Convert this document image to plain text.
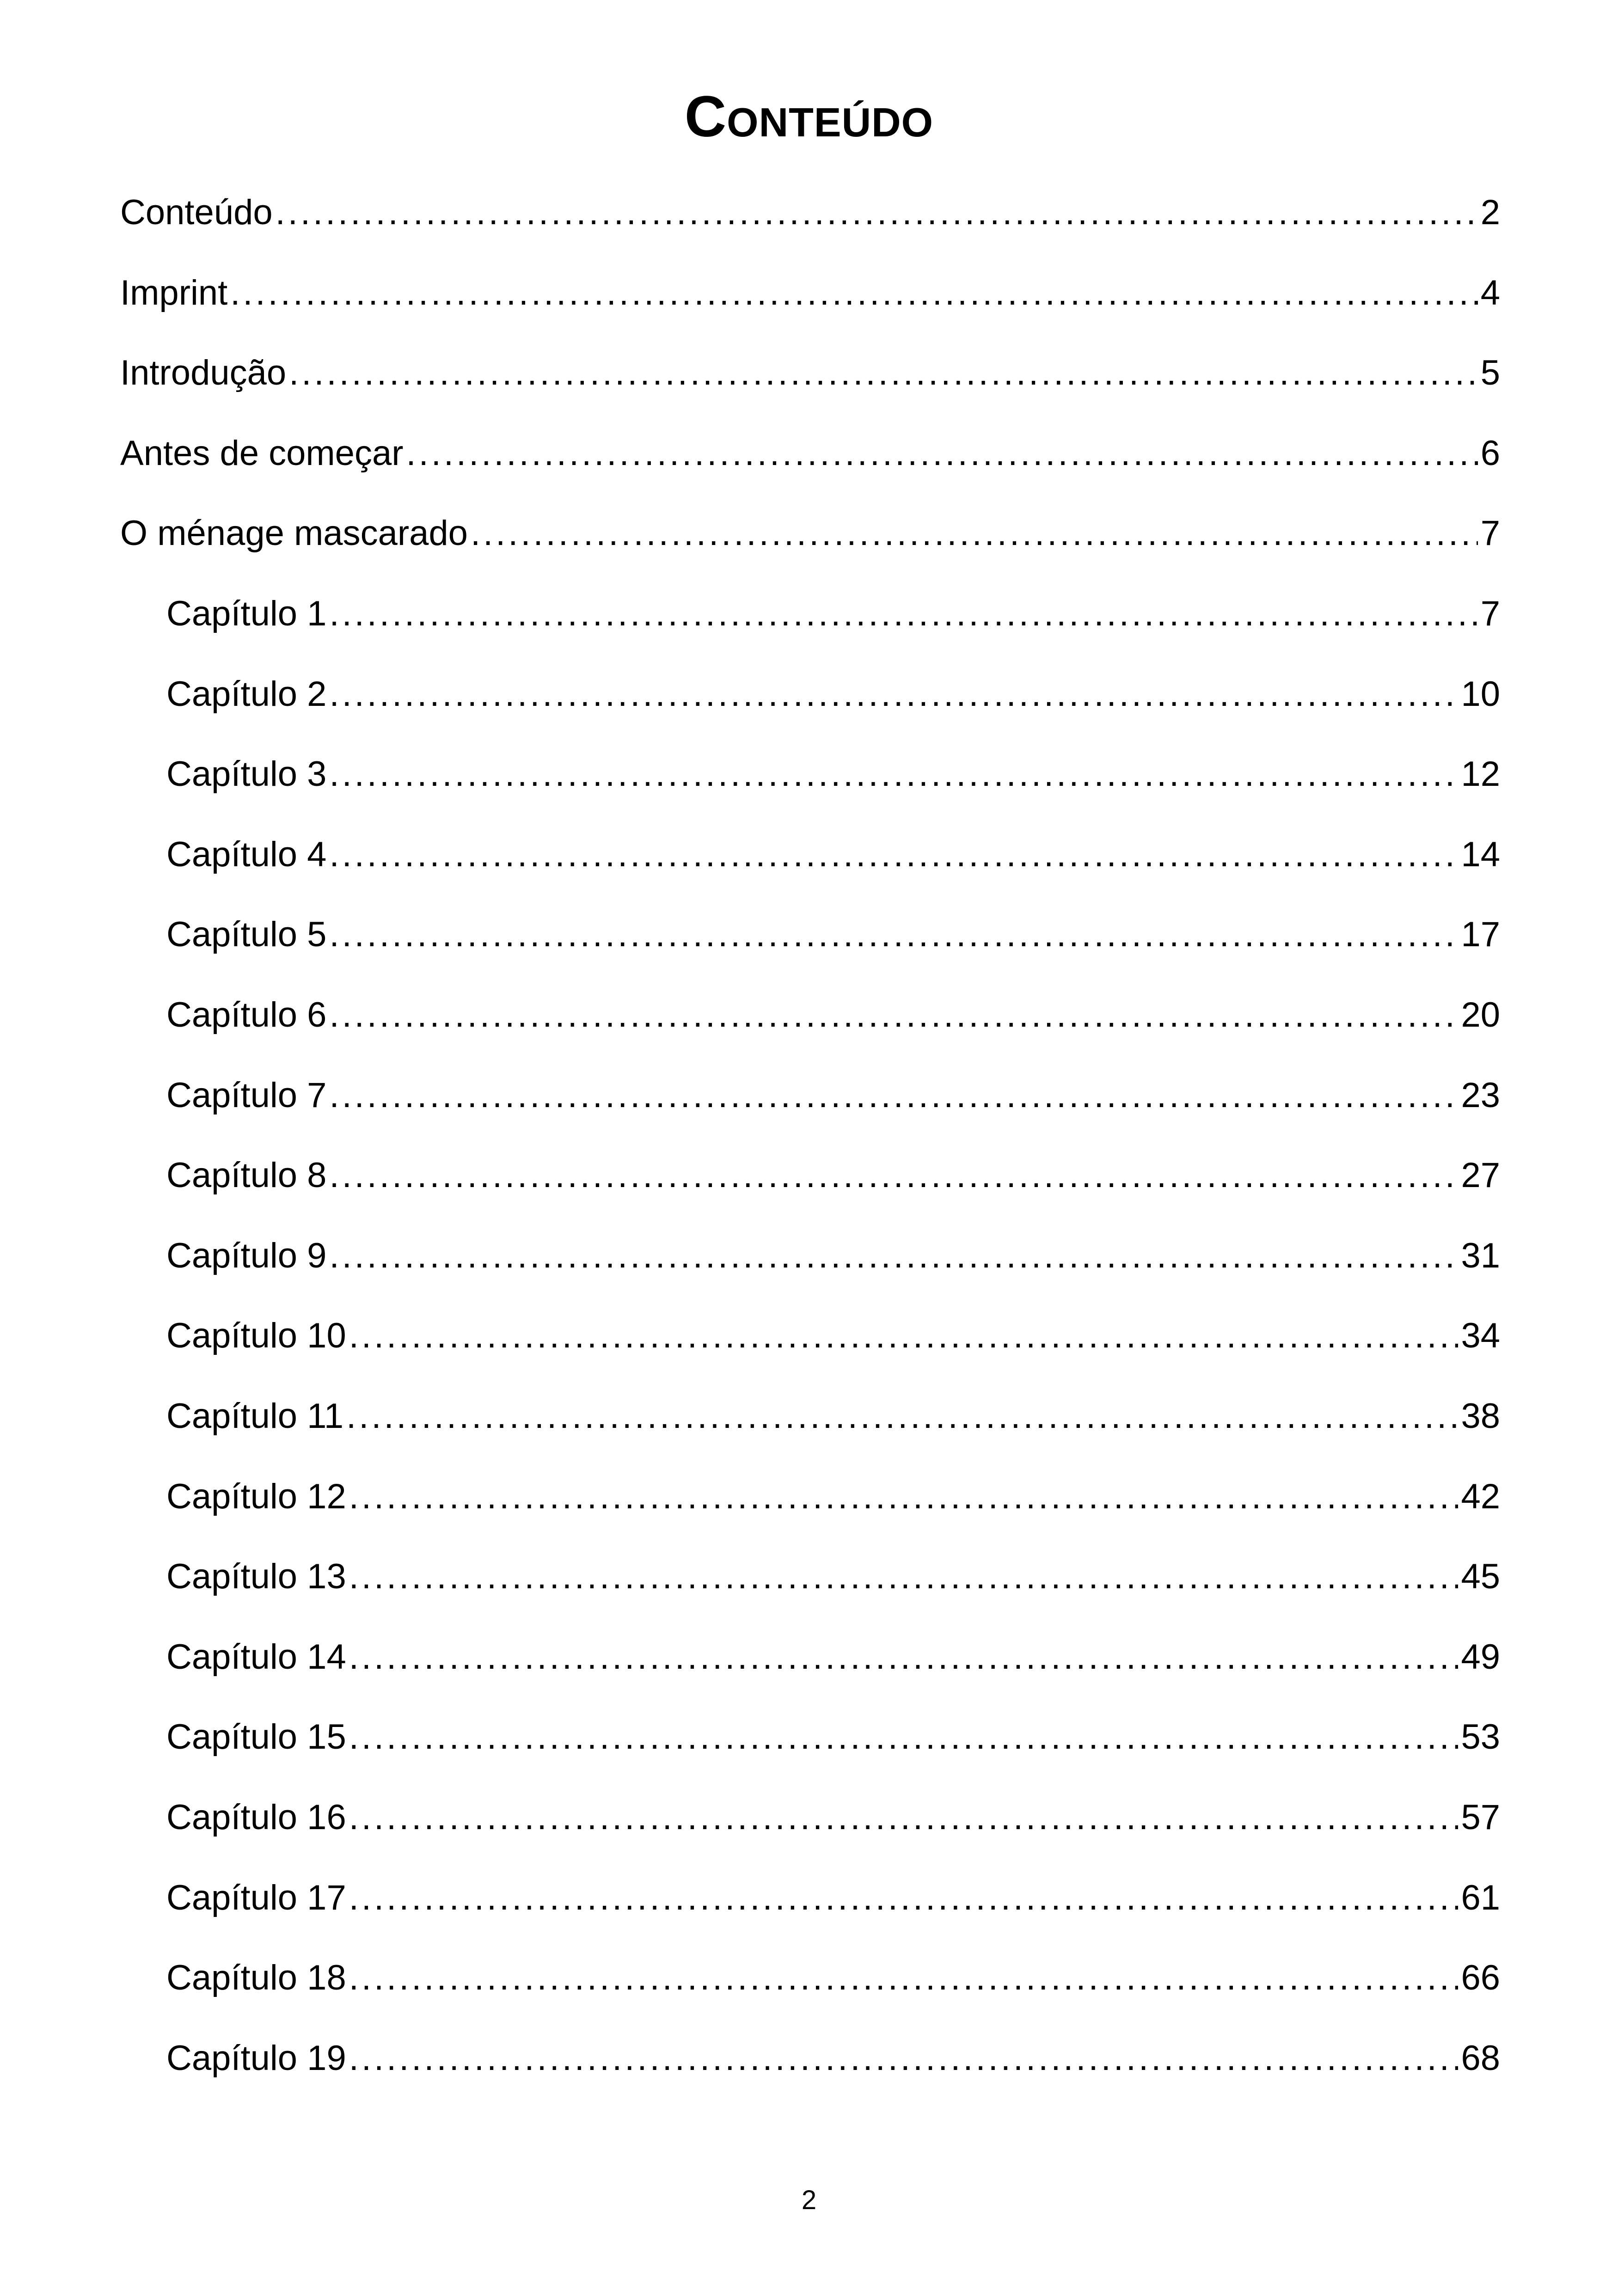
Conteúdo
Conteúdo .....	2
Imprint .....	4
Introdução .....	5
Antes de começar .....	6
O ménage mascarado .....	7
Capítulo 1 .....	7
Capítulo 2 .....	10
Capítulo 3 .....	12
Capítulo 4 .....	14
Capítulo 5 .....	17
Capítulo 6 .....	20
Capítulo 7 .....	23
Capítulo 8 .....	27
Capítulo 9 .....	31
Capítulo 10 .....	34
Capítulo 11 .....	38
Capítulo 12 .....	42
Capítulo 13 .....	45
Capítulo 14 .....	49
Capítulo 15 .....	53
Capítulo 16 .....	57
Capítulo 17 .....	61
Capítulo 18 .....	66
Capítulo 19 .....	68
2
